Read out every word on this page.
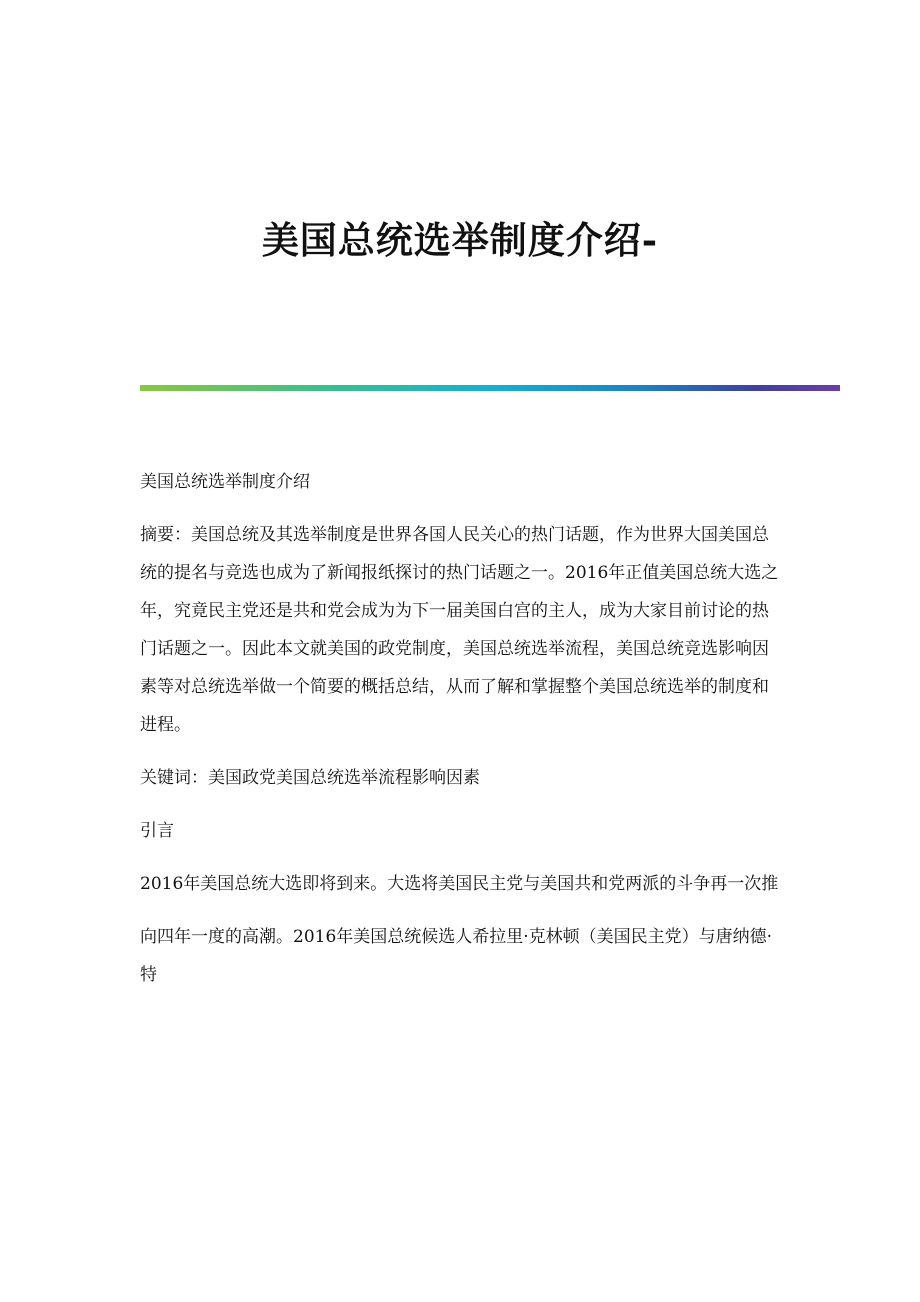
美国总统选举制度介绍-

美国总统选举制度介绍

摘要：美国总统及其选举制度是世界各国人民关心的热门话题，作为世界大国美国总统的提名与竞选也成为了新闻报纸探讨的热门话题之一。2016年正值美国总统大选之年，究竟民主党还是共和党会成为为下一届美国白宫的主人，成为大家目前讨论的热门话题之一。因此本文就美国的政党制度，美国总统选举流程，美国总统竞选影响因素等对总统选举做一个简要的概括总结，从而了解和掌握整个美国总统选举的制度和进程。

关键词：美国政党美国总统选举流程影响因素

引言

2016年美国总统大选即将到来。大选将美国民主党与美国共和党两派的斗争再一次推

向四年一度的高潮。2016年美国总统候选人希拉里·克林顿（美国民主党）与唐纳德·特
